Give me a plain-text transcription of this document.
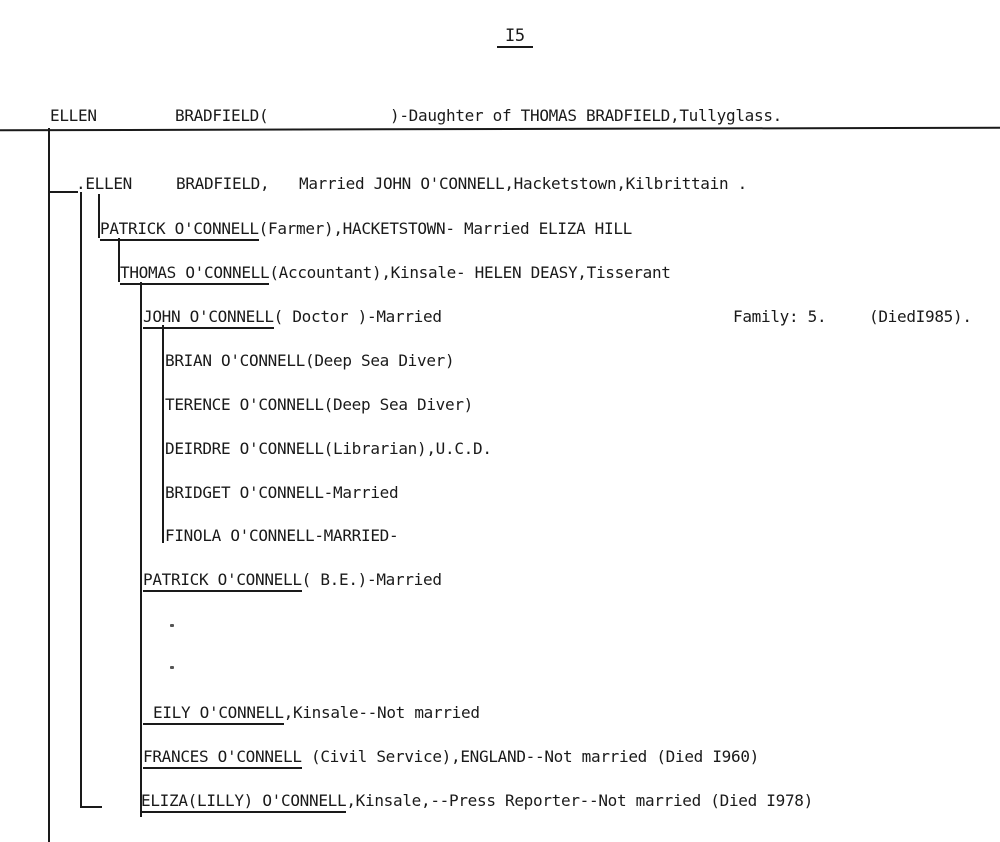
I5
ELLEN	BRADFIELD(	)-Daughter of THOMAS BRADFIELD,Tullyglass.
.ELLEN	BRADFIELD, Married JOHN O'CONNELL,Hacketstown,Kilbrittain .
PATRICK O'CONNELL(Farmer),HACKETSTOWN- Married ELIZA HILL
THOMAS O'CONNELL(Accountant),Kinsale- HELEN DEASY,Tisserant
JOHN O'CONNELL( Doctor )-Married	Family: 5.	(DiedI985).
BRIAN O'CONNELL(Deep Sea Diver)
TERENCE O'CONNELL(Deep Sea Diver)
DEIRDRE O'CONNELL(Librarian),U.C.D.
BRIDGET O'CONNELL-Married
FINOLA O'CONNELL-MARRIED-
PATRICK O'CONNELL( B.E.)-Married
EILY O'CONNELL,Kinsale--Not married
FRANCES O'CONNELL (Civil Service),ENGLAND--Not married (Died I960)
ELIZA(LILLY) O'CONNELL,Kinsale,--Press Reporter--Not married (Died I978)
